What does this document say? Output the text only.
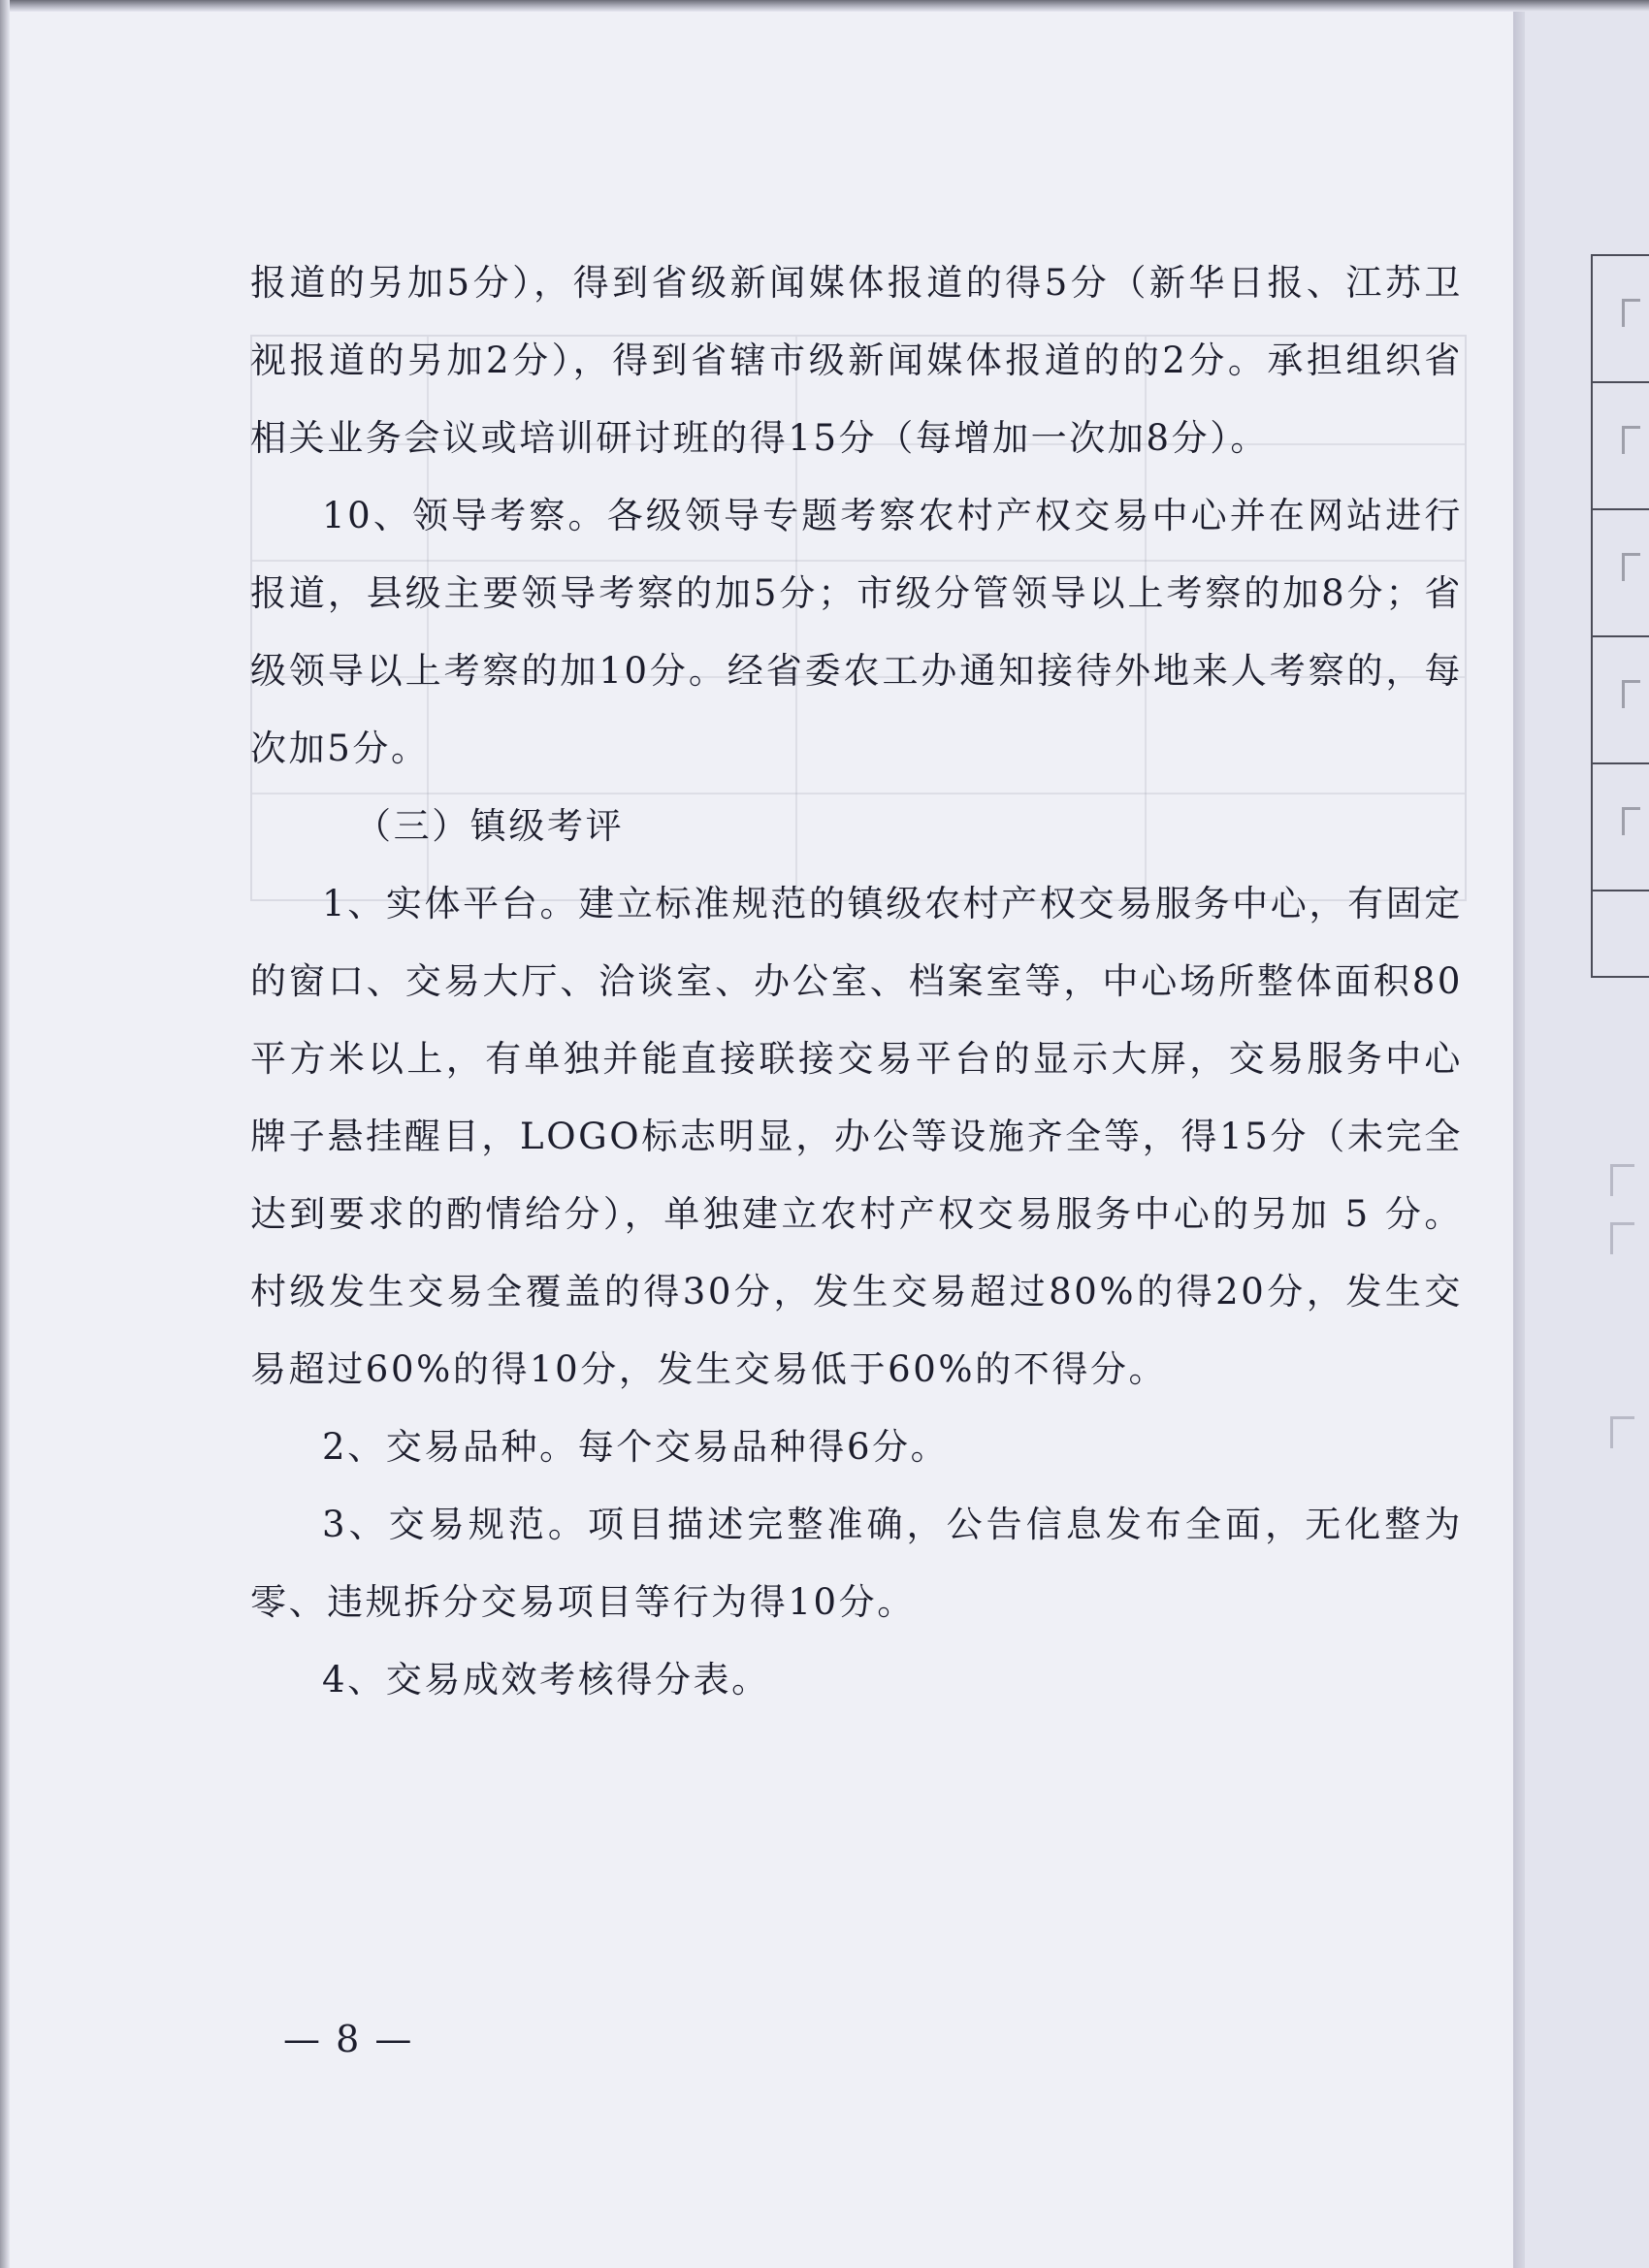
报道的另加5分），得到省级新闻媒体报道的得5分（新华日报、江苏卫视报道的另加2分），得到省辖市级新闻媒体报道的的2分。承担组织省相关业务会议或培训研讨班的得15分（每增加一次加8分）。

10、领导考察。各级领导专题考察农村产权交易中心并在网站进行报道，县级主要领导考察的加5分；市级分管领导以上考察的加8分；省级领导以上考察的加10分。经省委农工办通知接待外地来人考察的，每次加5分。

（三）镇级考评

1、实体平台。建立标准规范的镇级农村产权交易服务中心，有固定的窗口、交易大厅、洽谈室、办公室、档案室等，中心场所整体面积80平方米以上，有单独并能直接联接交易平台的显示大屏，交易服务中心牌子悬挂醒目，LOGO标志明显，办公等设施齐全等，得15分（未完全达到要求的酌情给分），单独建立农村产权交易服务中心的另加 5 分。村级发生交易全覆盖的得30分，发生交易超过80%的得20分，发生交易超过60%的得10分，发生交易低于60%的不得分。

2、交易品种。每个交易品种得6分。

3、交易规范。项目描述完整准确，公告信息发布全面，无化整为零、违规拆分交易项目等行为得10分。

4、交易成效考核得分表。

— 8 —
